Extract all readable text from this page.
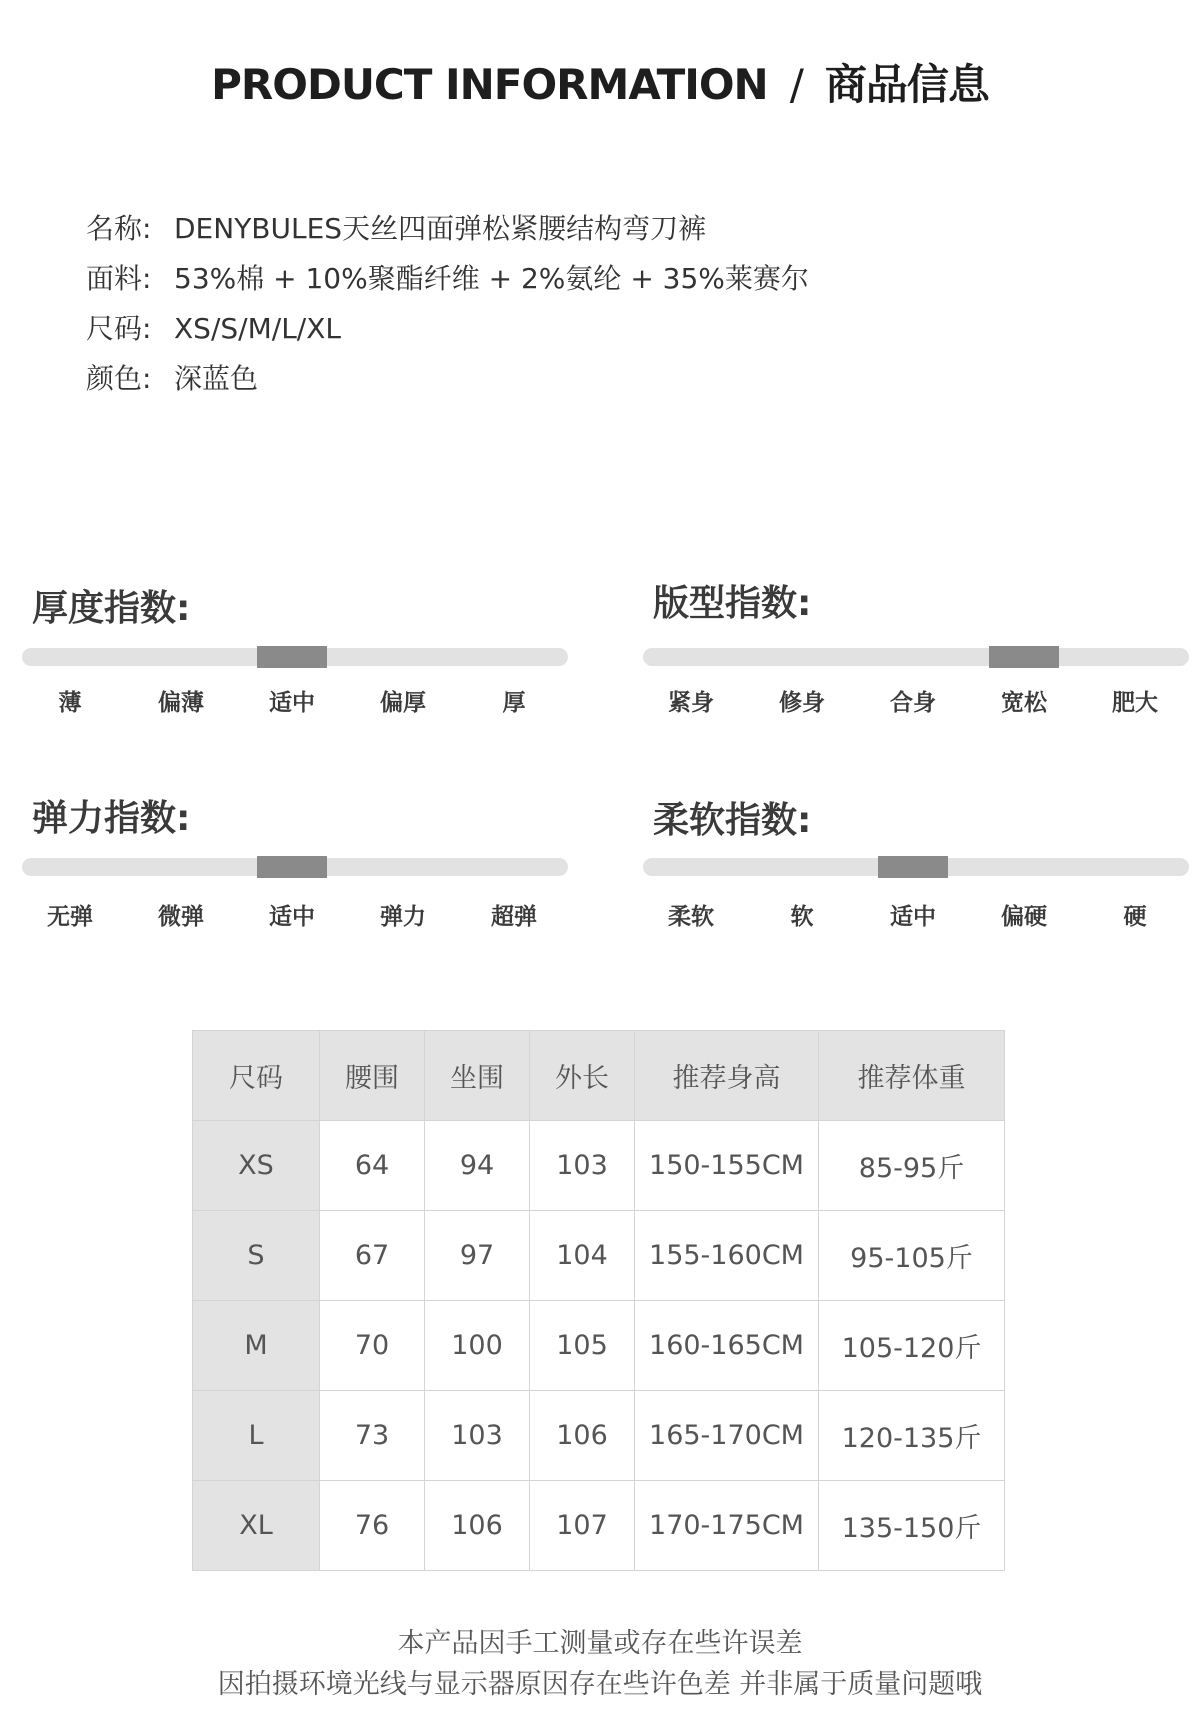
PRODUCT INFORMATION / 商品信息
名称: DENYBULES天丝四面弹松紧腰结构弯刀裤
面料: 53%棉 + 10%聚酯纤维 + 2%氨纶 + 35%莱赛尔
尺码: XS/S/M/L/XL
颜色: 深蓝色
厚度指数:
薄	偏薄	适中	偏厚	厚
版型指数:
紧身	修身	合身	宽松	肥大
弹力指数:
无弹	微弹	适中	弹力	超弹
柔软指数:
柔软	软	适中	偏硬	硬
尺码	腰围	坐围	外长	推荐身高	推荐体重
XS	64	94	103	150-155CM	85-95斤
S	67	97	104	155-160CM	95-105斤
M	70	100	105	160-165CM	105-120斤
L	73	103	106	165-170CM	120-135斤
XL	76	106	107	170-175CM	135-150斤
本产品因手工测量或存在些许误差
因拍摄环境光线与显示器原因存在些许色差 并非属于质量问题哦
